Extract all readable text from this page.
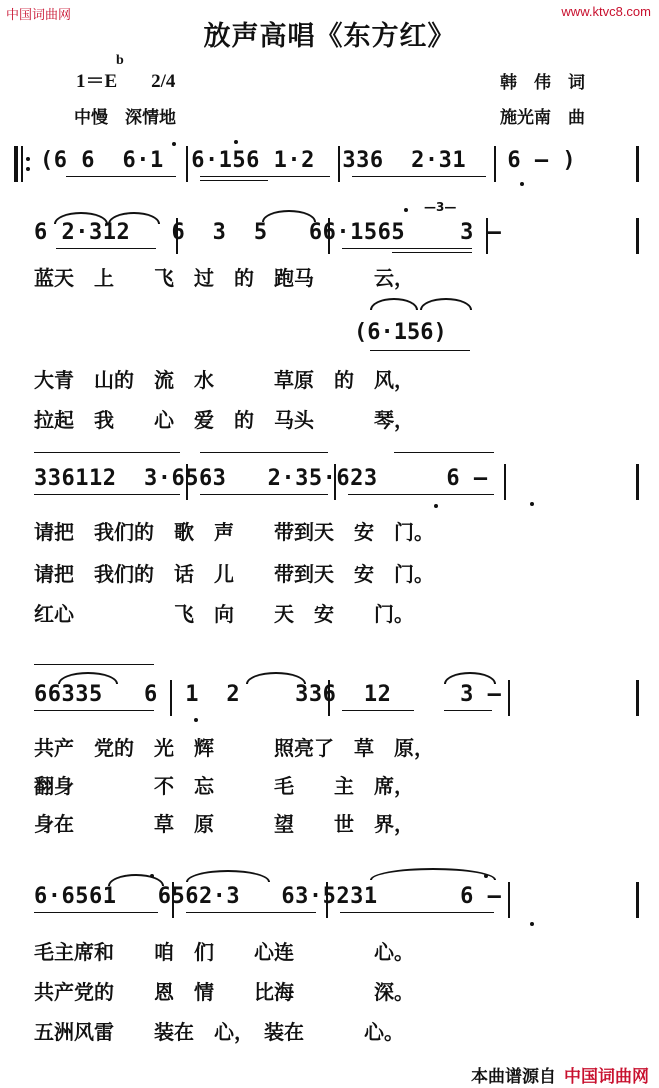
中国词曲网	www.ktvc8.com
放声高唱《东方红》
1＝
b
E 2/4
中慢　深情地
韩　伟　词
施光南　曲
(6 6  6·1  6·156 1·2  336  2·31   6 — )
6 2·312   6  3  5   66·1565    3 —
—3—
蓝天　上　　飞　过　的　跑马　　　云，
(6·156)
大青　山的　流　水　　　草原　的　风，
拉起　我　　心　爱　的　马头　　　琴，
336112  3·6563   2·35·623     6 —
请把　我们的　歌　声　　带到天　安　门。
请把　我们的　话　儿　　带到天　安　门。
红心　　　　　飞　向　　天　安　　门。
66335   6  1  2    336  12     3 —
共产　党的　光　辉　　　照亮了　草　原，
翻身　　　　不　忘　　　毛　　主　席，
身在　　　　草　原　　　望　　世　界，
6·6561   6562·3   63·5231      6 —
毛主席和　　咱　们　　心连　　　　心。
共产党的　　恩　情　　比海　　　　深。
五洲风雷　　装在　心，　装在　　　心。
本曲谱源自 中国词曲网
